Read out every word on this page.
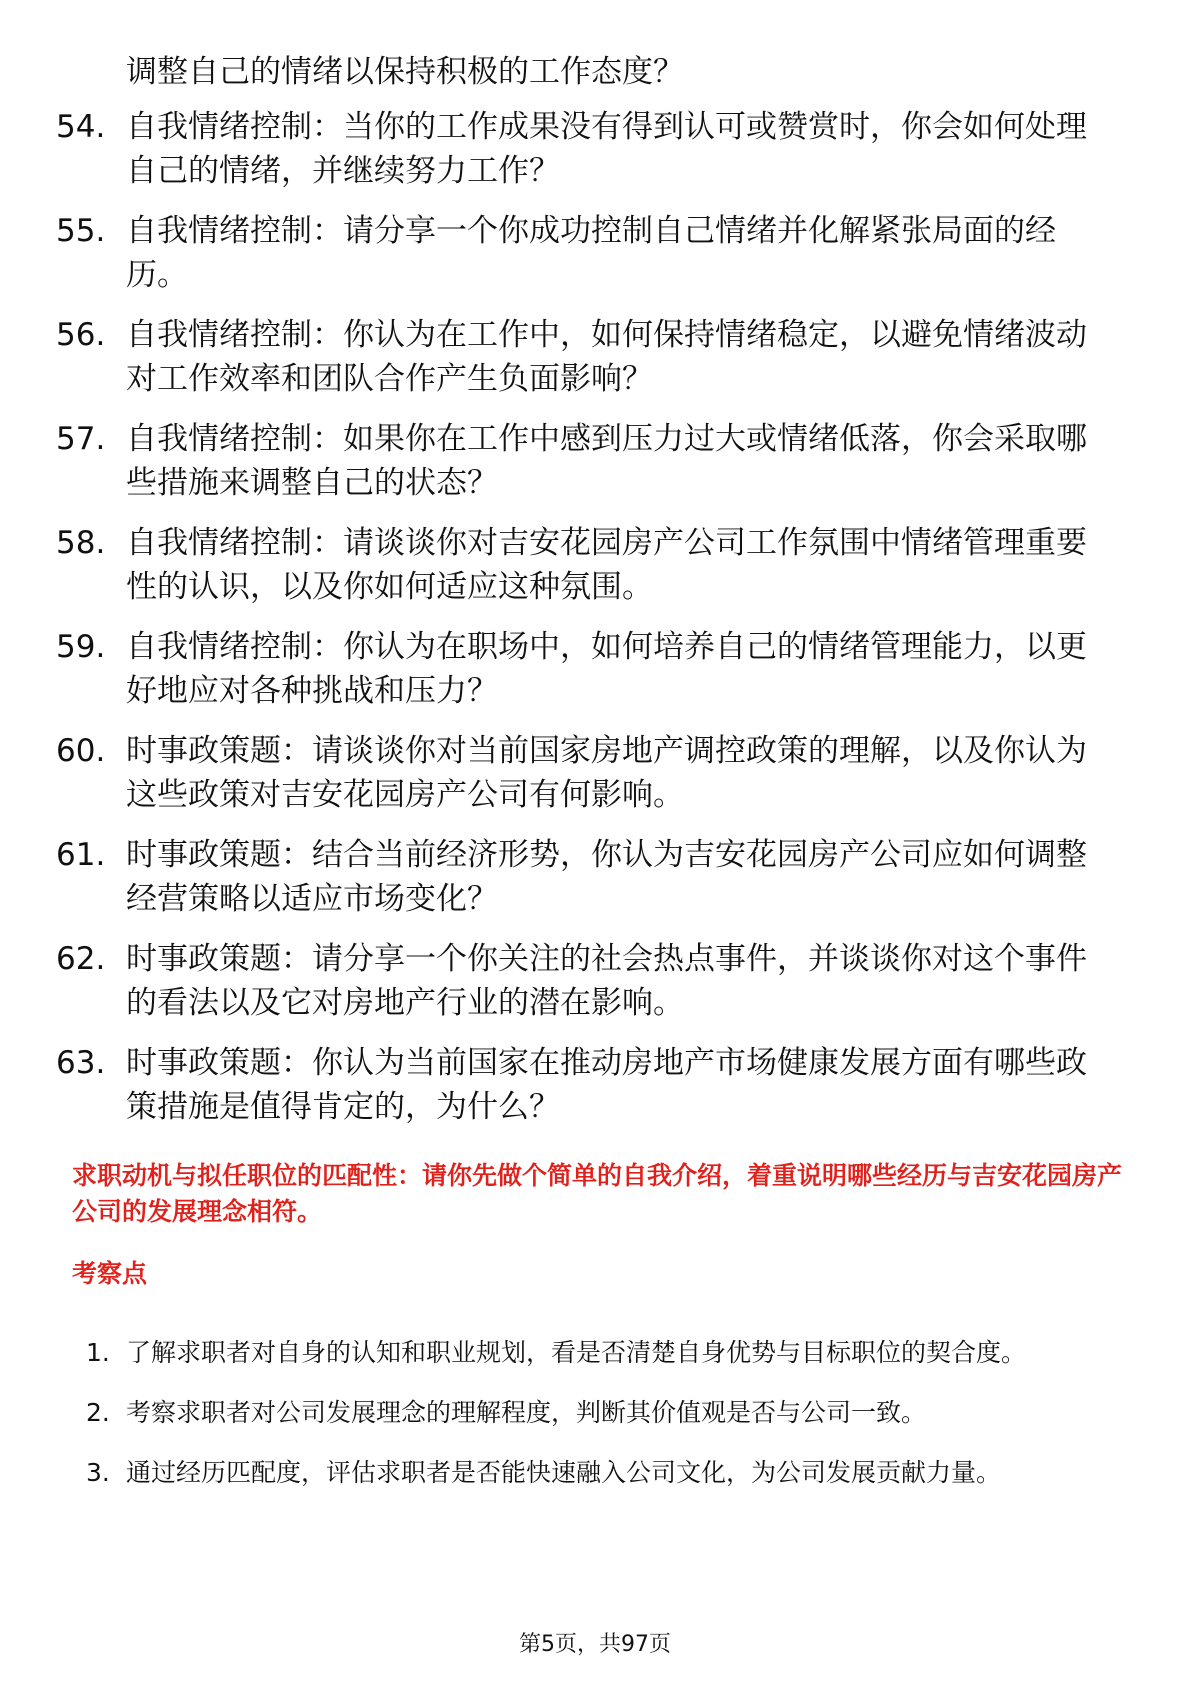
调整自己的情绪以保持积极的工作态度？

54. 自我情绪控制：当你的工作成果没有得到认可或赞赏时，你会如何处理自己的情绪，并继续努力工作？
55. 自我情绪控制：请分享一个你成功控制自己情绪并化解紧张局面的经历。
56. 自我情绪控制：你认为在工作中，如何保持情绪稳定，以避免情绪波动对工作效率和团队合作产生负面影响？
57. 自我情绪控制：如果你在工作中感到压力过大或情绪低落，你会采取哪些措施来调整自己的状态？
58. 自我情绪控制：请谈谈你对吉安花园房产公司工作氛围中情绪管理重要性的认识，以及你如何适应这种氛围。
59. 自我情绪控制：你认为在职场中，如何培养自己的情绪管理能力，以更好地应对各种挑战和压力？
60. 时事政策题：请谈谈你对当前国家房地产调控政策的理解，以及你认为这些政策对吉安花园房产公司有何影响。
61. 时事政策题：结合当前经济形势，你认为吉安花园房产公司应如何调整经营策略以适应市场变化？
62. 时事政策题：请分享一个你关注的社会热点事件，并谈谈你对这个事件的看法以及它对房地产行业的潜在影响。
63. 时事政策题：你认为当前国家在推动房地产市场健康发展方面有哪些政策措施是值得肯定的，为什么？

求职动机与拟任职位的匹配性：请你先做个简单的自我介绍，着重说明哪些经历与吉安花园房产公司的发展理念相符。

考察点

1. 了解求职者对自身的认知和职业规划，看是否清楚自身优势与目标职位的契合度。
2. 考察求职者对公司发展理念的理解程度，判断其价值观是否与公司一致。
3. 通过经历匹配度，评估求职者是否能快速融入公司文化，为公司发展贡献力量。
第5页，共97页
